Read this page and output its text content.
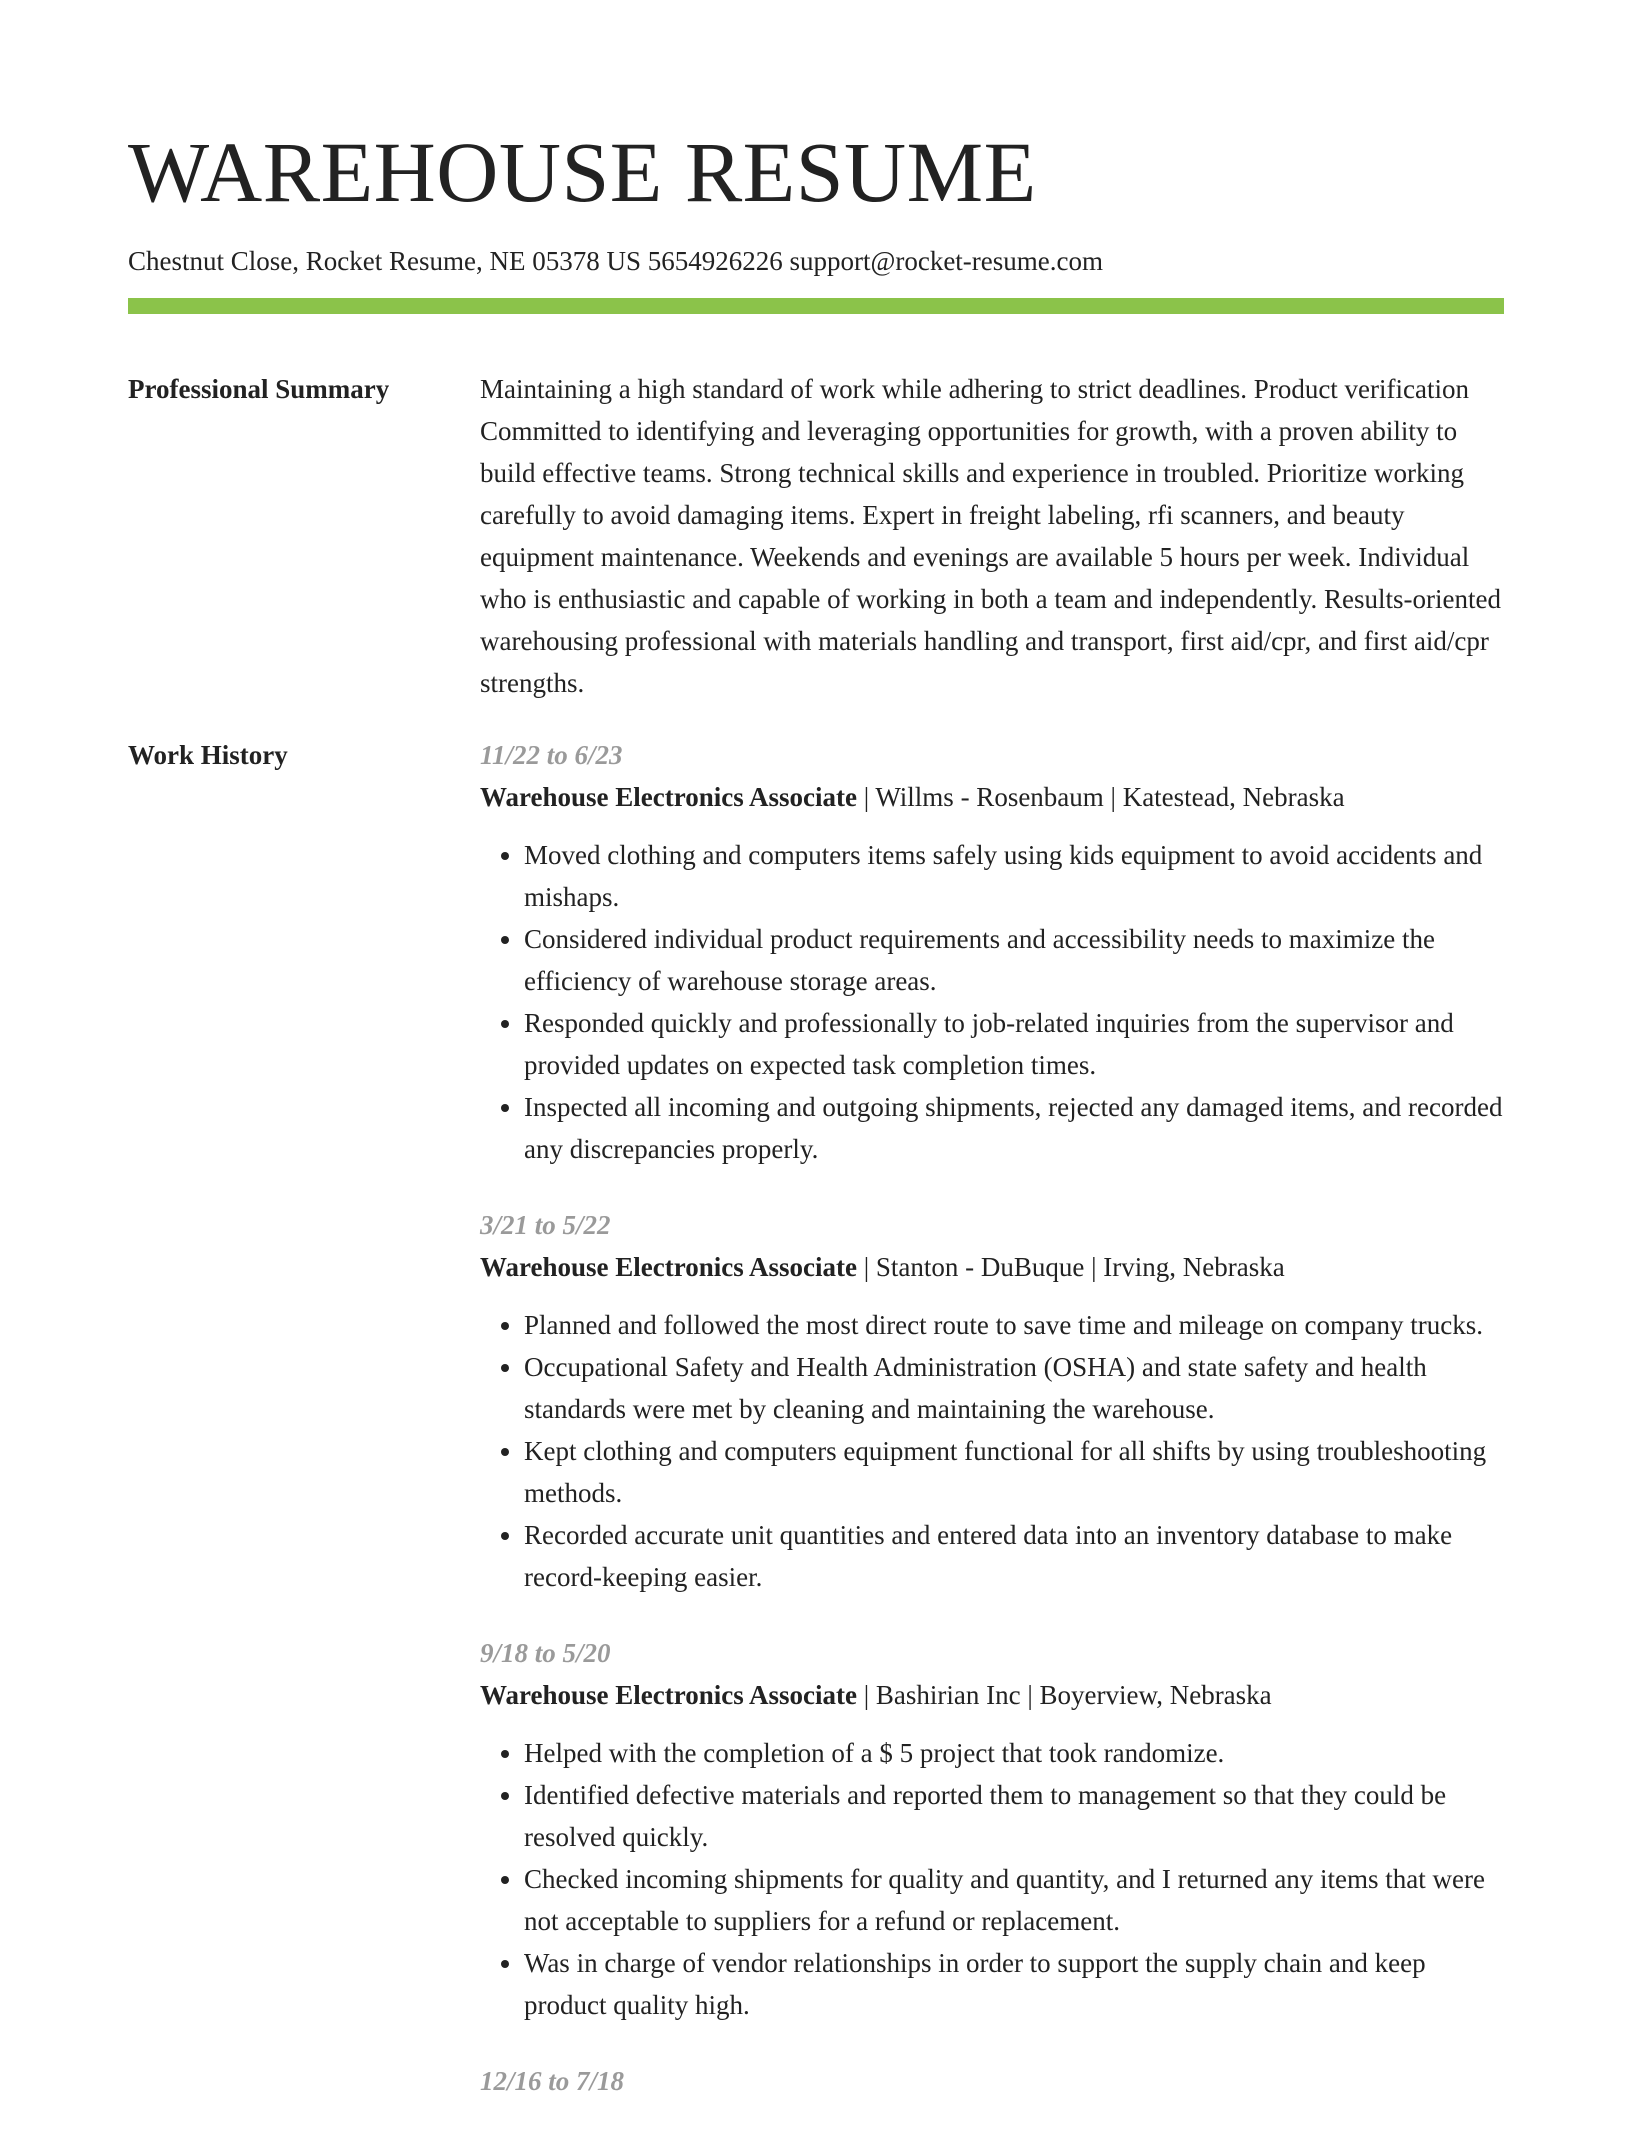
WAREHOUSE RESUME
Chestnut Close, Rocket Resume, NE 05378 US 5654926226 support@rocket-resume.com
Professional Summary	Maintaining a high standard of work while adhering to strict deadlines. Product verification Committed to identifying and leveraging opportunities for growth, with a proven ability to build effective teams. Strong technical skills and experience in troubled. Prioritize working carefully to avoid damaging items. Expert in freight labeling, rfi scanners, and beauty equipment maintenance. Weekends and evenings are available 5 hours per week. Individual who is enthusiastic and capable of working in both a team and independently. Results-oriented warehousing professional with materials handling and transport, first aid/cpr, and first aid/cpr strengths.

Work History	11/22 to 6/23
Warehouse Electronics Associate | Willms - Rosenbaum | Katestead, Nebraska
• Moved clothing and computers items safely using kids equipment to avoid accidents and mishaps.
• Considered individual product requirements and accessibility needs to maximize the efficiency of warehouse storage areas.
• Responded quickly and professionally to job-related inquiries from the supervisor and provided updates on expected task completion times.
• Inspected all incoming and outgoing shipments, rejected any damaged items, and recorded any discrepancies properly.
3/21 to 5/22
Warehouse Electronics Associate | Stanton - DuBuque | Irving, Nebraska
• Planned and followed the most direct route to save time and mileage on company trucks.
• Occupational Safety and Health Administration (OSHA) and state safety and health standards were met by cleaning and maintaining the warehouse.
• Kept clothing and computers equipment functional for all shifts by using troubleshooting methods.
• Recorded accurate unit quantities and entered data into an inventory database to make record-keeping easier.
9/18 to 5/20
Warehouse Electronics Associate | Bashirian Inc | Boyerview, Nebraska
• Helped with the completion of a $ 5 project that took randomize.
• Identified defective materials and reported them to management so that they could be resolved quickly.
• Checked incoming shipments for quality and quantity, and I returned any items that were not acceptable to suppliers for a refund or replacement.
• Was in charge of vendor relationships in order to support the supply chain and keep product quality high.
12/16 to 7/18
